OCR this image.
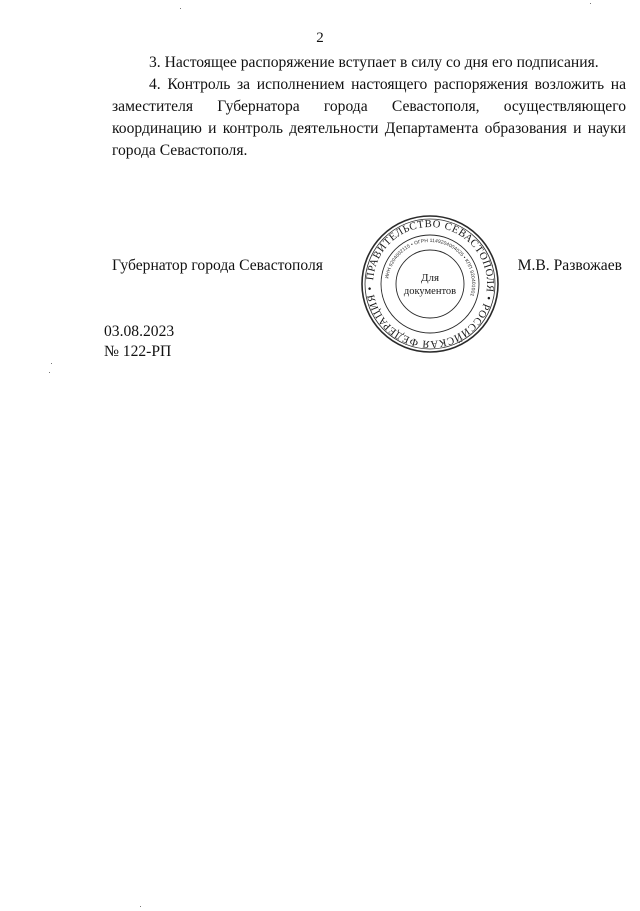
2

3. Настоящее распоряжение вступает в силу со дня его подписания.

4. Контроль за исполнением настоящего распоряжения возложить на заместителя Губернатора города Севастополя, осуществляющего координацию и контроль деятельности Департамента образования и науки города Севастополя.

Губернатор города Севастополя	М.В. Развожаев
ПРАВИТЕЛЬСТВО СЕВАСТОПОЛЯ • РОССИЙСКАЯ ФЕДЕРАЦИЯ •
ИНН 9204002115 • ОГРН 1149204004025 • КПП 920401001
Для
документов
03.08.2023
№ 122-РП
